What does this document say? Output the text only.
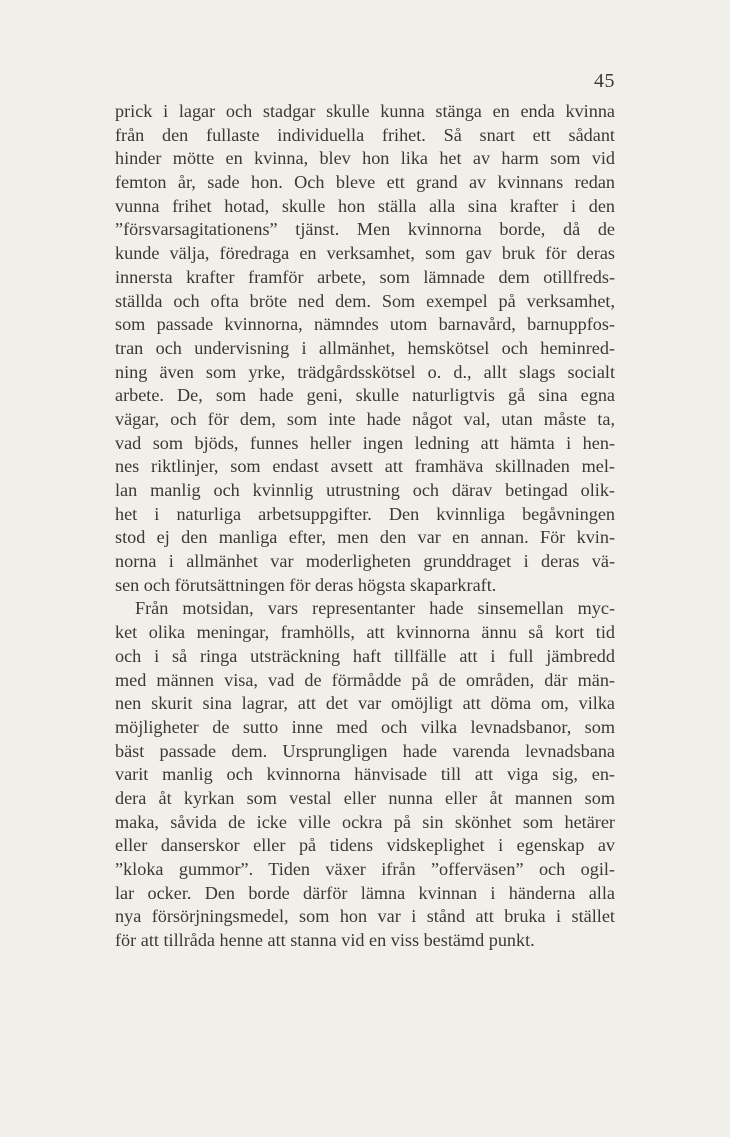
45
prick i lagar och stadgar skulle kunna stänga en enda kvinna
från den fullaste individuella frihet. Så snart ett sådant
hinder mötte en kvinna, blev hon lika het av harm som vid
femton år, sade hon. Och bleve ett grand av kvinnans redan
vunna frihet hotad, skulle hon ställa alla sina krafter i den
”försvarsagitationens” tjänst. Men kvinnorna borde, då de
kunde välja, föredraga en verksamhet, som gav bruk för deras
innersta krafter framför arbete, som lämnade dem otillfreds-
ställda och ofta bröte ned dem. Som exempel på verksamhet,
som passade kvinnorna, nämndes utom barnavård, barnuppfos-
tran och undervisning i allmänhet, hemskötsel och heminred-
ning även som yrke, trädgårdsskötsel o. d., allt slags socialt
arbete. De, som hade geni, skulle naturligtvis gå sina egna
vägar, och för dem, som inte hade något val, utan måste ta,
vad som bjöds, funnes heller ingen ledning att hämta i hen-
nes riktlinjer, som endast avsett att framhäva skillnaden mel-
lan manlig och kvinnlig utrustning och därav betingad olik-
het i naturliga arbetsuppgifter. Den kvinnliga begåvningen
stod ej den manliga efter, men den var en annan. För kvin-
norna i allmänhet var moderligheten grunddraget i deras vä-
sen och förutsättningen för deras högsta skaparkraft.
Från motsidan, vars representanter hade sinsemellan myc-
ket olika meningar, framhölls, att kvinnorna ännu så kort tid
och i så ringa utsträckning haft tillfälle att i full jämbredd
med männen visa, vad de förmådde på de områden, där män-
nen skurit sina lagrar, att det var omöjligt att döma om, vilka
möjligheter de sutto inne med och vilka levnadsbanor, som
bäst passade dem. Ursprungligen hade varenda levnadsbana
varit manlig och kvinnorna hänvisade till att viga sig, en-
dera åt kyrkan som vestal eller nunna eller åt mannen som
maka, såvida de icke ville ockra på sin skönhet som hetärer
eller danserskor eller på tidens vidskeplighet i egenskap av
”kloka gummor”. Tiden växer ifrån ”offerväsen” och ogil-
lar ocker. Den borde därför lämna kvinnan i händerna alla
nya försörjningsmedel, som hon var i stånd att bruka i stället
för att tillråda henne att stanna vid en viss bestämd punkt.
